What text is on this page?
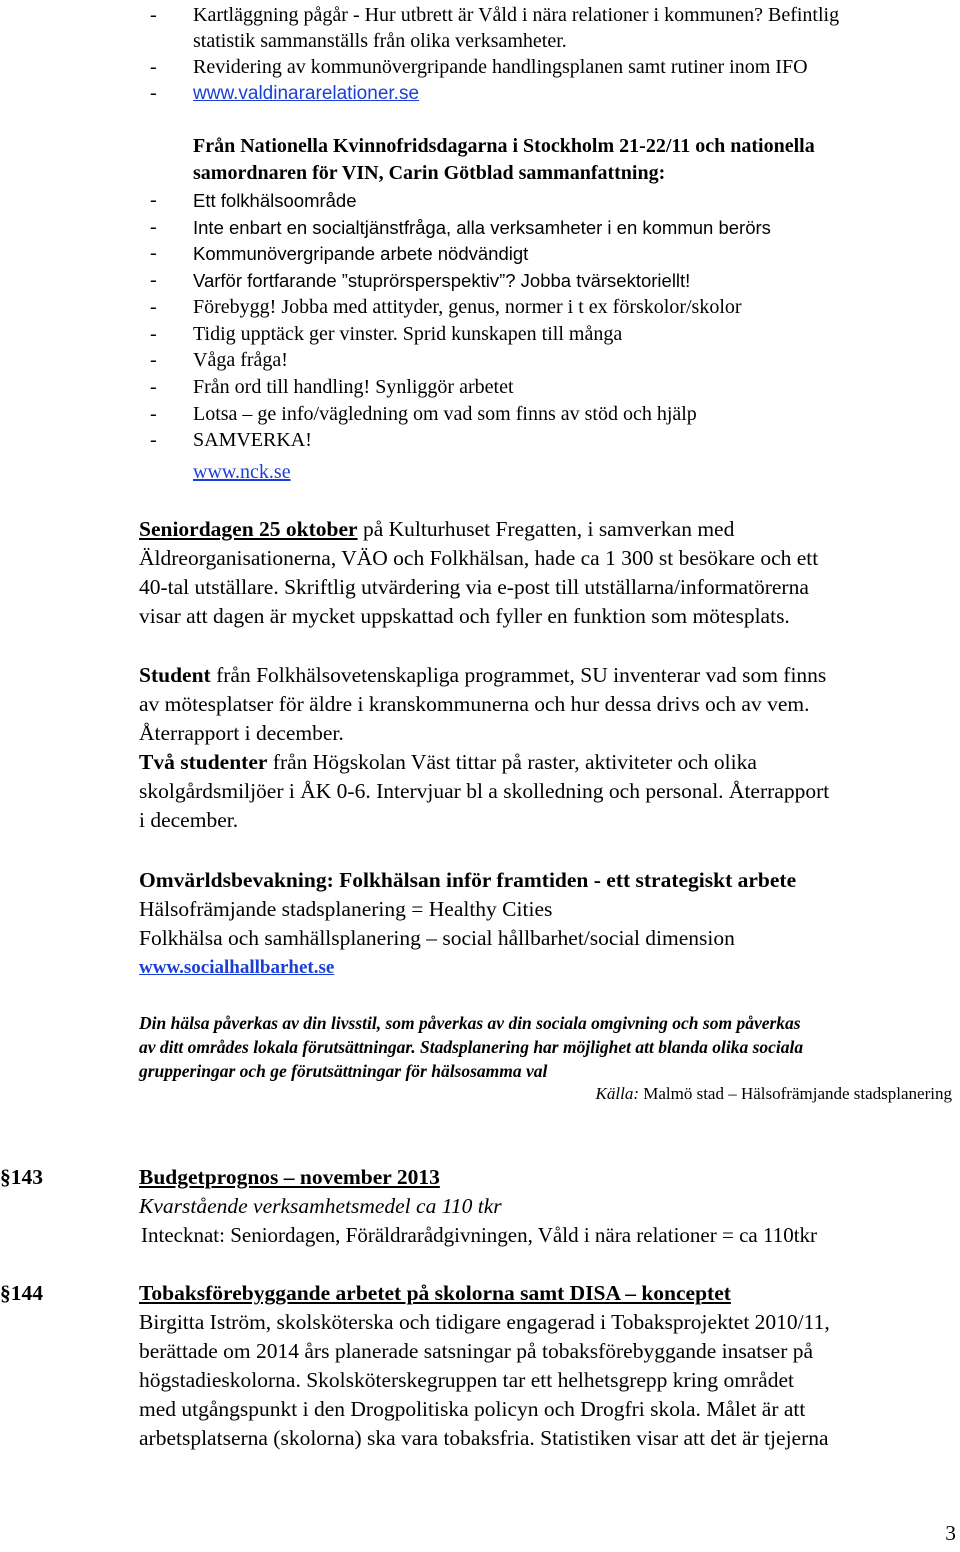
- Kartläggning pågår - Hur utbrett är Våld i nära relationer i kommunen? Befintlig
statistik sammanställs från olika verksamheter.
- Revidering av kommunövergripande handlingsplanen samt rutiner inom IFO
- www.valdinararelationer.se
Från Nationella Kvinnofridsdagarna i Stockholm 21-22/11 och nationella
samordnaren för VIN, Carin Götblad sammanfattning:
- Ett folkhälsoområde
- Inte enbart en socialtjänstfråga, alla verksamheter i en kommun berörs
- Kommunövergripande arbete nödvändigt
- Varför fortfarande ”stuprörsperspektiv”? Jobba tvärsektoriellt!
- Förebygg! Jobba med attityder, genus, normer i t ex förskolor/skolor
- Tidig upptäck ger vinster. Sprid kunskapen till många
- Våga fråga!
- Från ord till handling! Synliggör arbetet
- Lotsa – ge info/vägledning om vad som finns av stöd och hjälp
- SAMVERKA!
www.nck.se
Seniordagen 25 oktober på Kulturhuset Fregatten, i samverkan med
Äldreorganisationerna, VÄO och Folkhälsan, hade ca 1 300 st besökare och ett
40-tal utställare. Skriftlig utvärdering via e-post till utställarna/informatörerna
visar att dagen är mycket uppskattad och fyller en funktion som mötesplats.
Student från Folkhälsovetenskapliga programmet, SU inventerar vad som finns
av mötesplatser för äldre i kranskommunerna och hur dessa drivs och av vem.
Återrapport i december.
Två studenter från Högskolan Väst tittar på raster, aktiviteter och olika
skolgårdsmiljöer i ÅK 0-6. Intervjuar bl a skolledning och personal. Återrapport
i december.
Omvärldsbevakning: Folkhälsan inför framtiden - ett strategiskt arbete
Hälsofrämjande stadsplanering = Healthy Cities
Folkhälsa och samhällsplanering – social hållbarhet/social dimension
www.socialhallbarhet.se
Din hälsa påverkas av din livsstil, som påverkas av din sociala omgivning och som påverkas
av ditt områdes lokala förutsättningar. Stadsplanering har möjlighet att blanda olika sociala
grupperingar och ge förutsättningar för hälsosamma val
Källa: Malmö stad – Hälsofrämjande stadsplanering
§143	Budgetprognos – november 2013
Kvarstående verksamhetsmedel ca 110 tkr
Intecknat: Seniordagen, Föräldrarådgivningen, Våld i nära relationer = ca 110tkr
§144	Tobaksförebyggande arbetet på skolorna samt DISA – konceptet
Birgitta Iström, skolsköterska och tidigare engagerad i Tobaksprojektet 2010/11,
berättade om 2014 års planerade satsningar på tobaksförebyggande insatser på
högstadieskolorna. Skolsköterskegruppen tar ett helhetsgrepp kring området
med utgångspunkt i den Drogpolitiska policyn och Drogfri skola. Målet är att
arbetsplatserna (skolorna) ska vara tobaksfria. Statistiken visar att det är tjejerna
3
